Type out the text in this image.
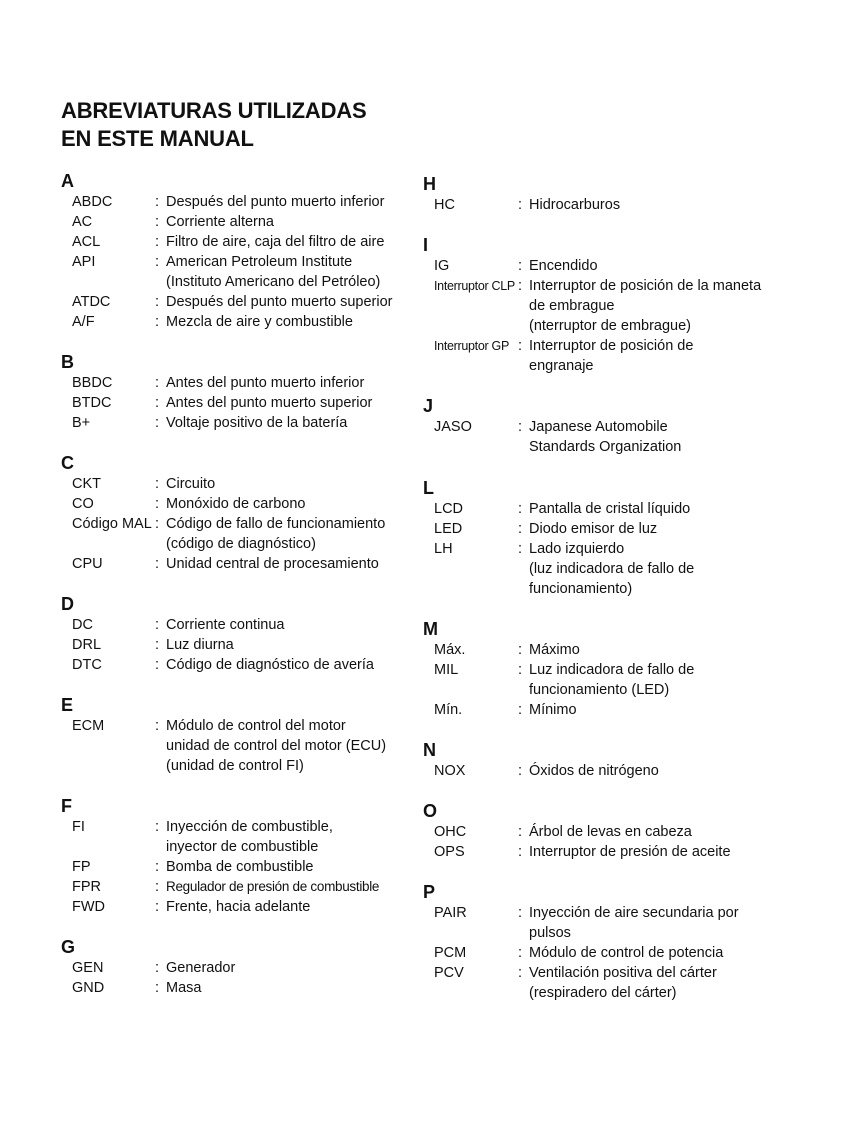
ABREVIATURAS UTILIZADAS
EN ESTE MANUAL
A
ABDC	: Después del punto muerto inferior
AC	: Corriente alterna
ACL	: Filtro de aire, caja del filtro de aire
API	: American Petroleum Institute
(Instituto Americano del Petróleo)
ATDC	: Después del punto muerto superior
A/F	: Mezcla de aire y combustible
B
BBDC	: Antes del punto muerto inferior
BTDC	: Antes del punto muerto superior
B+	: Voltaje positivo de la batería
C
CKT	: Circuito
CO	: Monóxido de carbono
Código MAL : Código de fallo de funcionamiento
(código de diagnóstico)
CPU	: Unidad central de procesamiento
D
DC	: Corriente continua
DRL	: Luz diurna
DTC	: Código de diagnóstico de avería
E
ECM	: Módulo de control del motor
unidad de control del motor (ECU)
(unidad de control FI)
F
FI	: Inyección de combustible,
inyector de combustible
FP	: Bomba de combustible
FPR	: Regulador de presión de combustible
FWD	: Frente, hacia adelante
G
GEN	: Generador
GND	: Masa
H
HC	: Hidrocarburos
I
IG	: Encendido
Interruptor CLP : Interruptor de posición de la maneta
de embrague
(nterruptor de embrague)
Interruptor GP : Interruptor de posición de
engranaje
J
JASO	: Japanese Automobile
Standards Organization
L
LCD	: Pantalla de cristal líquido
LED	: Diodo emisor de luz
LH	: Lado izquierdo
(luz indicadora de fallo de
funcionamiento)
M
Máx.	: Máximo
MIL	: Luz indicadora de fallo de
funcionamiento (LED)
Mín.	: Mínimo
N
NOX	: Óxidos de nitrógeno
O
OHC	: Árbol de levas en cabeza
OPS	: Interruptor de presión de aceite
P
PAIR	: Inyección de aire secundaria por
pulsos
PCM	: Módulo de control de potencia
PCV	: Ventilación positiva del cárter
(respiradero del cárter)
